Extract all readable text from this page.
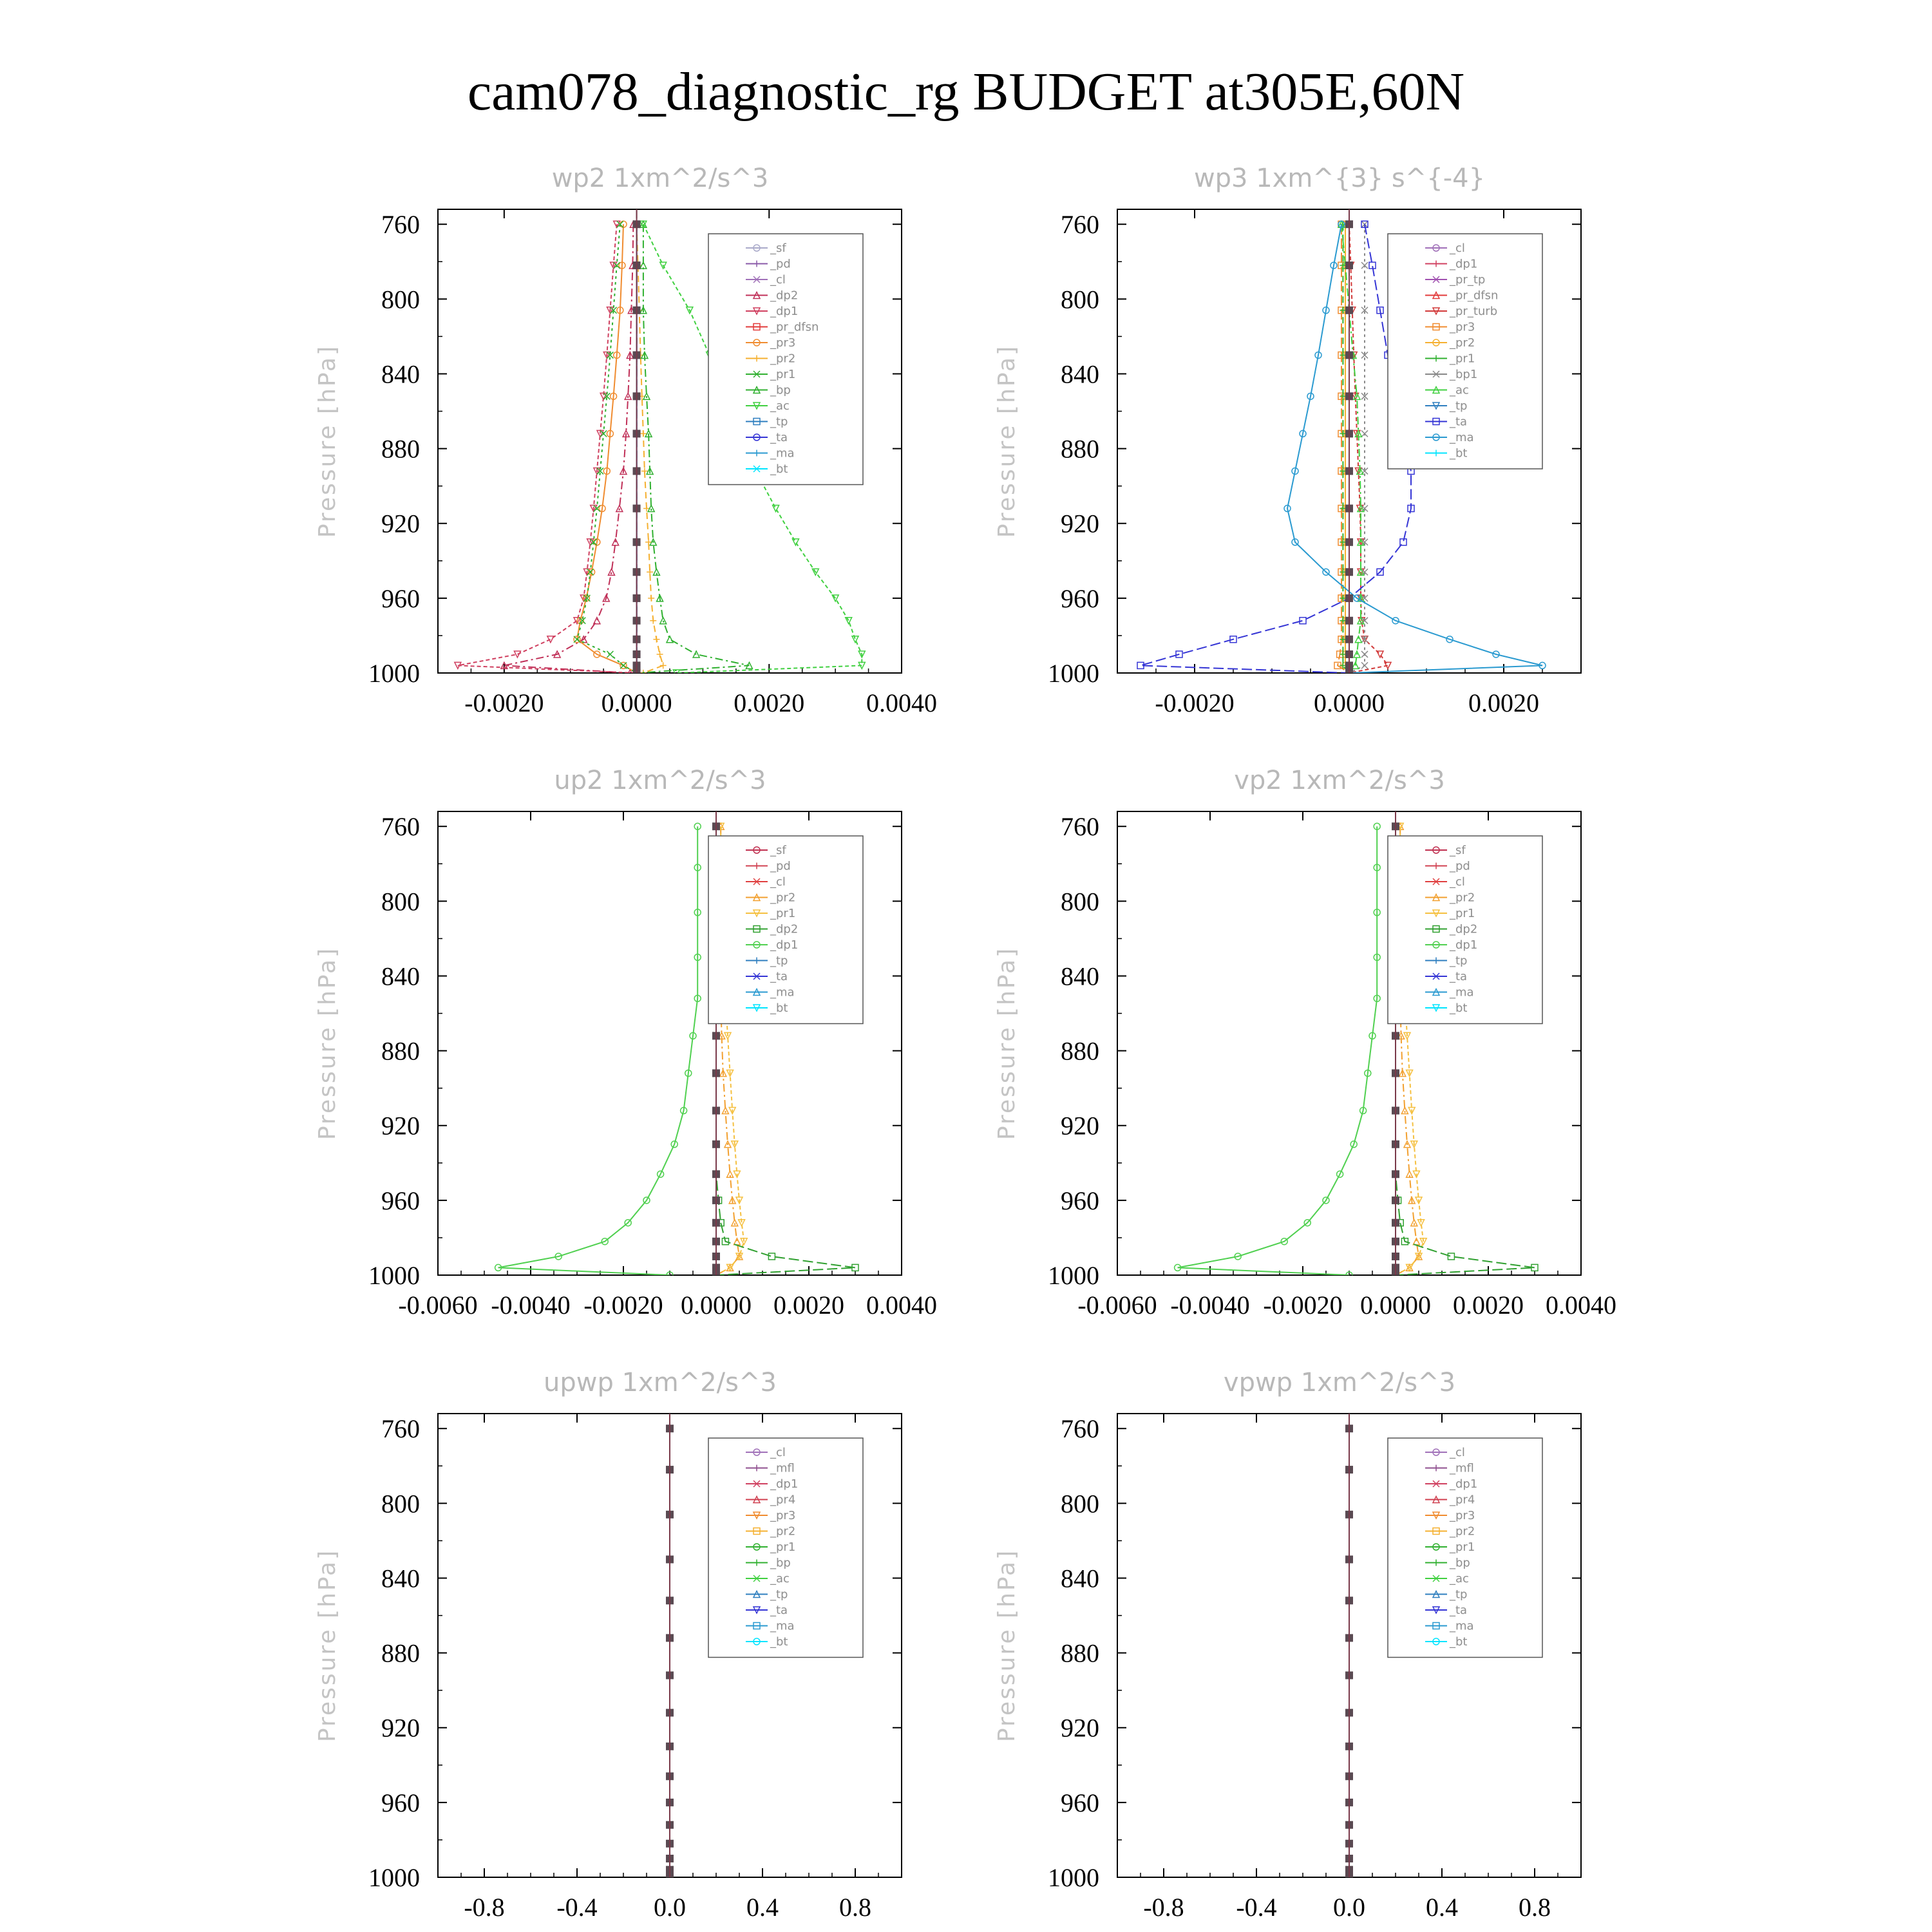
cam078_diagnostic_rg BUDGET at305E,60N
wp2 1xm^2/s^3
Pressure [hPa]
760
800
840
880
920
960
1000
-0.0020 0.0000 0.0020 0.0040
_sf
_pd
_cl
_dp2
_dp1
_pr_dfsn
_pr3
_pr2
_pr1
_bp
_ac
_tp
_ta
_ma
_bt
wp3 1xm^{3} s^{-4}
Pressure [hPa]
760
800
840
880
920
960
1000
-0.0020	0.0000	0.0020
_cl
_dp1
_pr_tp
_pr_dfsn
_pr_turb
_pr3
_pr2
_pr1
_bp1
_ac
_tp
_ta
_ma
_bt
up2 1xm^2/s^3
Pressure [hPa]
760
800
840
880
920
960
1000
-0.0060 -0.0040 -0.0020 0.0000 0.0020 0.0040
_sf
_pd
_cl
_pr2
_pr1
_dp2
_dp1
_tp
_ta
_ma
_bt
vp2 1xm^2/s^3
Pressure [hPa]
760
800
840
880
920
960
1000
-0.0060 -0.0040 -0.0020 0.0000 0.0020 0.0040
_sf
_pd
_cl
_pr2
_pr1
_dp2
_dp1
_tp
_ta
_ma
_bt
upwp 1xm^2/s^3
Pressure [hPa]
760
800
840
880
920
960
1000
-0.8 -0.4 0.0 0.4 0.8
_cl
_mfl
_dp1
_pr4
_pr3
_pr2
_pr1
_bp
_ac
_tp
_ta
_ma
_bt
vpwp 1xm^2/s^3
Pressure [hPa]
760
800
840
880
920
960
1000
-0.8 -0.4 0.0 0.4 0.8
_cl
_mfl
_dp1
_pr4
_pr3
_pr2
_pr1
_bp
_ac
_tp
_ta
_ma
_bt
